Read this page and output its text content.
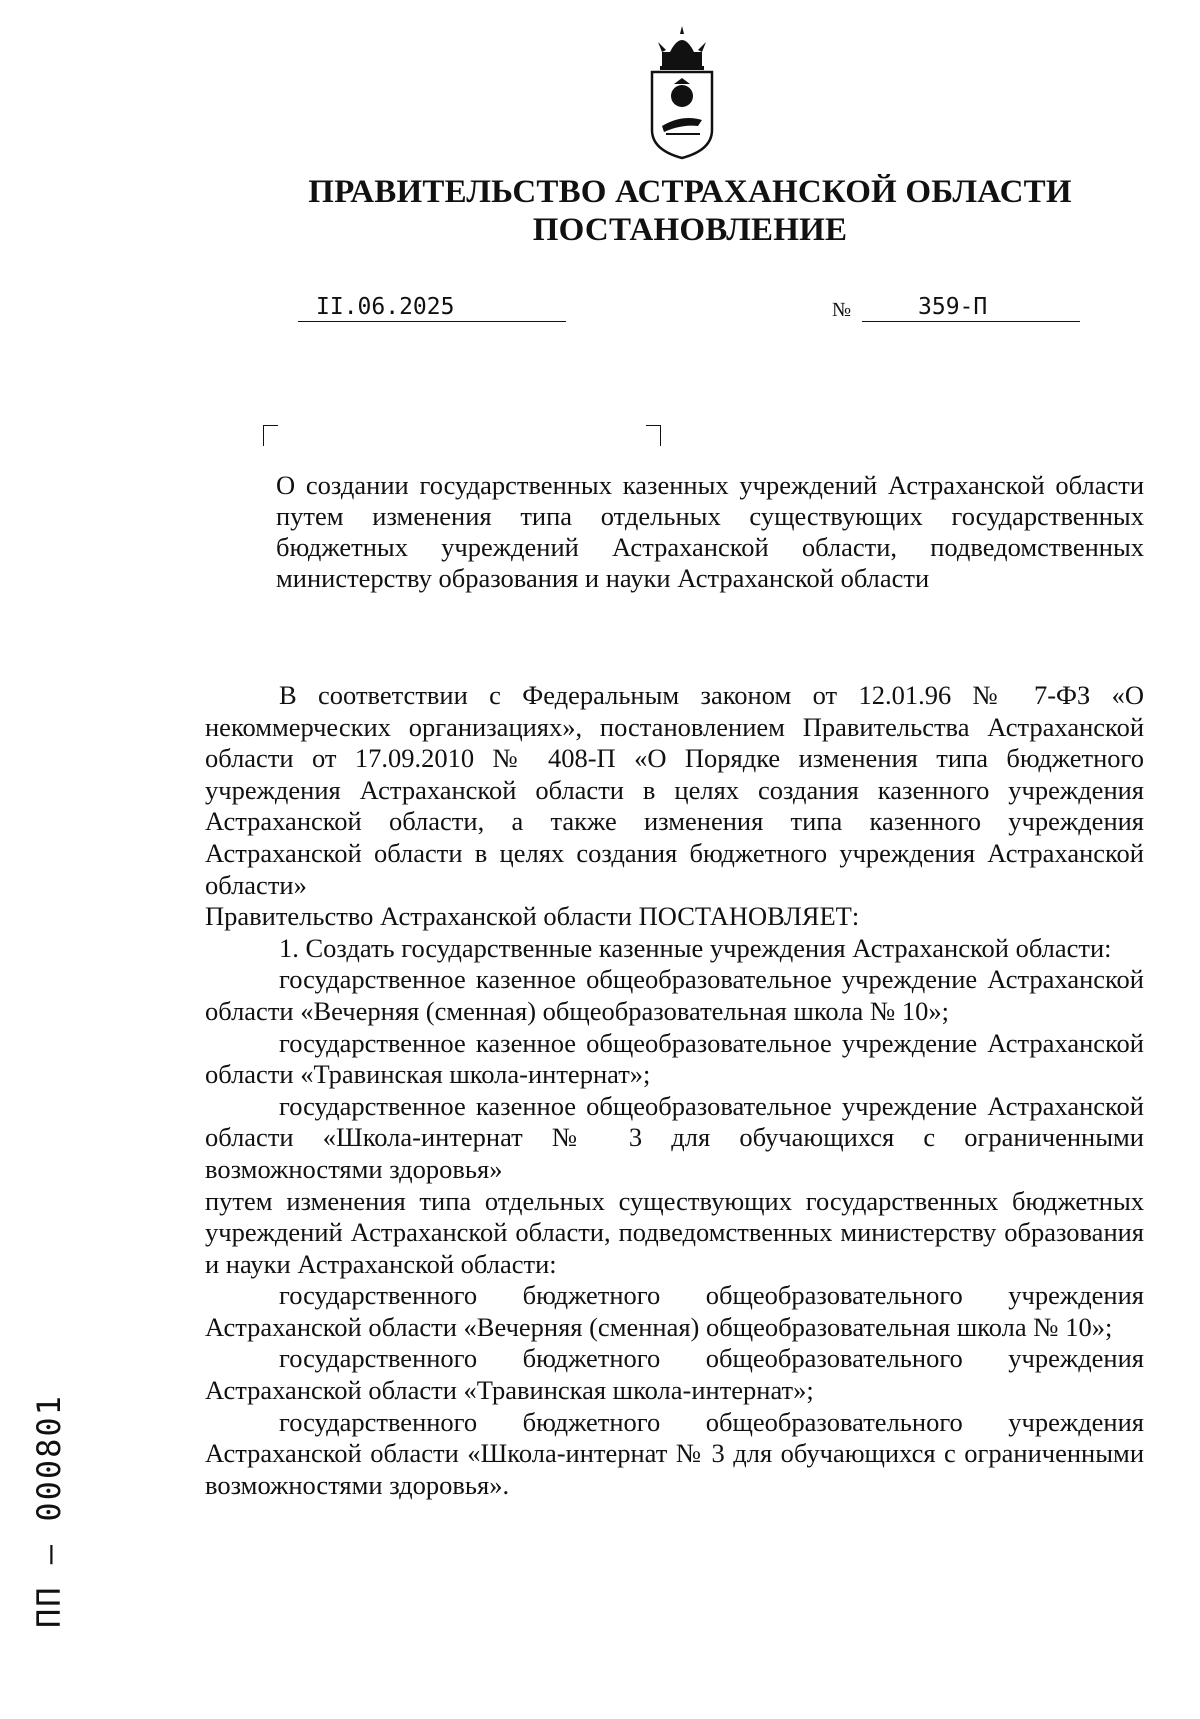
ПРАВИТЕЛЬСТВО АСТРАХАНСКОЙ ОБЛАСТИ
ПОСТАНОВЛЕНИЕ
II.06.2025	№	359-П

О создании государственных казенных учреждений Астраханской области путем изменения типа отдельных существующих государственных бюджетных учреждений Астраханской области, подведомственных министерству образования и науки Астраханской области

В соответствии с Федеральным законом от 12.01.96 № 7-ФЗ «О некоммерческих организациях», постановлением Правительства Астраханской области от 17.09.2010 № 408-П «О Порядке изменения типа бюджетного учреждения Астраханской области в целях создания казенного учреждения Астраханской области, а также изменения типа казенного учреждения Астраханской области в целях создания бюджетного учреждения Астраханской области»

Правительство Астраханской области ПОСТАНОВЛЯЕТ:

1. Создать государственные казенные учреждения Астраханской области:

государственное казенное общеобразовательное учреждение Астраханской области «Вечерняя (сменная) общеобразовательная школа № 10»;

государственное казенное общеобразовательное учреждение Астраханской области «Травинская школа-интернат»;

государственное казенное общеобразовательное учреждение Астраханской области «Школа-интернат № 3 для обучающихся с ограниченными возможностями здоровья»

путем изменения типа отдельных существующих государственных бюджетных учреждений Астраханской области, подведомственных министерству образования и науки Астраханской области:

государственного бюджетного общеобразовательного учреждения Астраханской области «Вечерняя (сменная) общеобразовательная школа № 10»;

государственного бюджетного общеобразовательного учреждения Астраханской области «Травинская школа-интернат»;

государственного бюджетного общеобразовательного учреждения Астраханской области «Школа-интернат № 3 для обучающихся с ограниченными возможностями здоровья».

ПП – 000801
